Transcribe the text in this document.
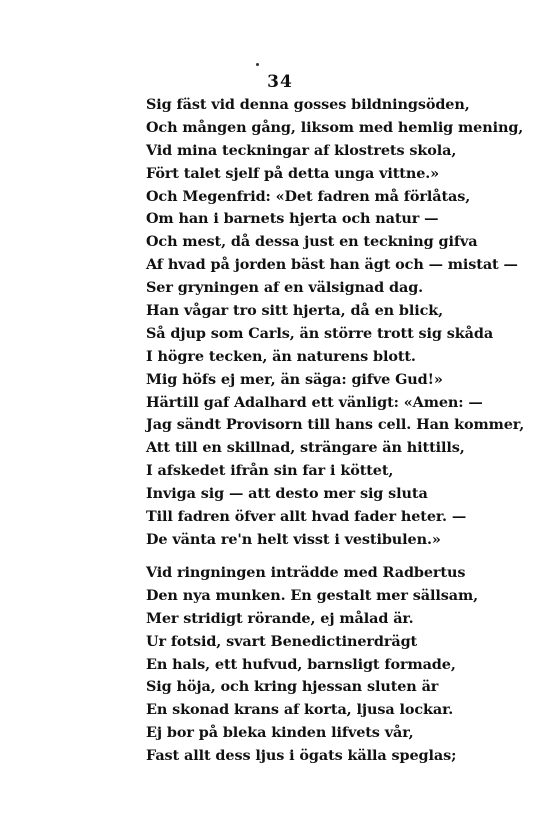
34
Sig fäst vid denna gosses bildningsöden,
Och mången gång, liksom med hemlig mening,
Vid mina teckningar af klostrets skola,
Fört talet sjelf på detta unga vittne.»
Och Megenfrid: «Det fadren må förlåtas,
Om han i barnets hjerta och natur —
Och mest, då dessa just en teckning gifva
Af hvad på jorden bäst han ägt och — mistat —
Ser gryningen af en välsignad dag.
Han vågar tro sitt hjerta, då en blick,
Så djup som Carls, än större trott sig skåda
I högre tecken, än naturens blott.
Mig höfs ej mer, än säga: gifve Gud!»
Härtill gaf Adalhard ett vänligt: «Amen: —
Jag sändt Provisorn till hans cell. Han kommer,
Att till en skillnad, strängare än hittills,
I afskedet ifrån sin far i köttet,
Inviga sig — att desto mer sig sluta
Till fadren öfver allt hvad fader heter. —
De vänta re'n helt visst i vestibulen.»
Vid ringningen inträdde med Radbertus
Den nya munken. En gestalt mer sällsam,
Mer stridigt rörande, ej målad är.
Ur fotsid, svart Benedictinerdrägt
En hals, ett hufvud, barnsligt formade,
Sig höja, och kring hjessan sluten är
En skonad krans af korta, ljusa lockar.
Ej bor på bleka kinden lifvets vår,
Fast allt dess ljus i ögats källa speglas;
